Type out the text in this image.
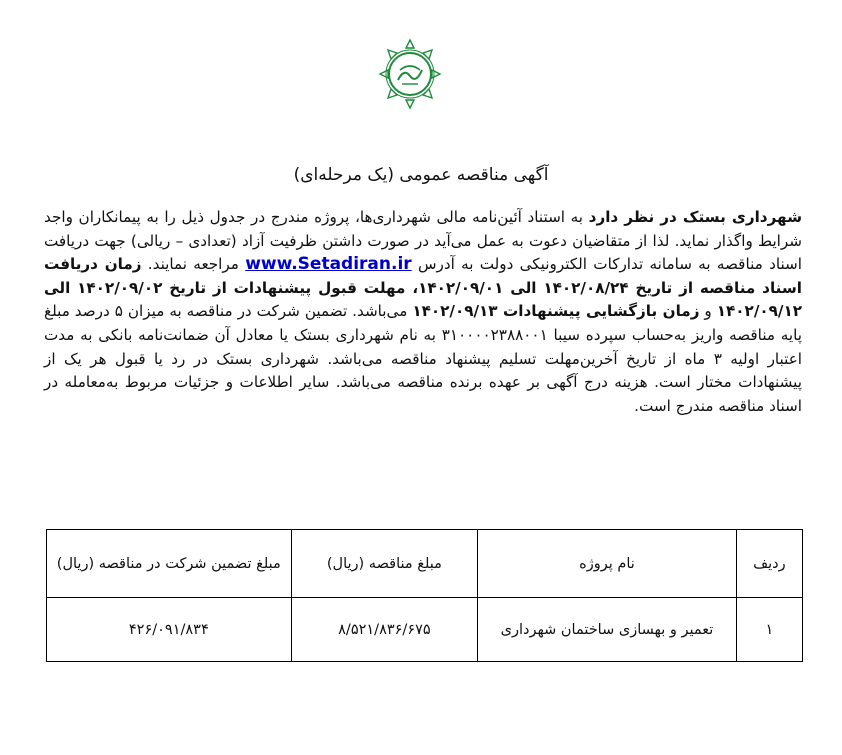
آگهی مناقصه عمومی (یک مرحله‌ای)
شهرداری بستک در نظر دارد به استناد آئین‌نامه مالی شهرداری‌ها، پروژه مندرج در جدول ذیل را به پیمانکاران واجد شرایط واگذار نماید. لذا از متقاضیان دعوت به عمل می‌آید در صورت داشتن ظرفیت آزاد (تعدادی – ریالی) جهت دریافت اسناد مناقصه به سامانه تدارکات الکترونیکی دولت به آدرس www.Setadiran.ir مراجعه نمایند. زمان دریافت اسناد مناقصه از تاریخ ۱۴۰۲/۰۸/۲۴ الی ۱۴۰۲/۰۹/۰۱، مهلت قبول پیشنهادات از تاریخ ۱۴۰۲/۰۹/۰۲ الی ۱۴۰۲/۰۹/۱۲ و زمان بازگشایی پیشنهادات ۱۴۰۲/۰۹/۱۳ می‌باشد. تضمین شرکت در مناقصه به میزان ۵ درصد مبلغ پایه مناقصه واریز به‌حساب سپرده سیبا ۳۱۰۰۰۰۲۳۸۸۰۰۱ به نام شهرداری بستک یا معادل آن ضمانت‌نامه بانکی به مدت اعتبار اولیه ۳ ماه از تاریخ آخرین‌مهلت تسلیم پیشنهاد مناقصه می‌باشد. شهرداری بستک در رد یا قبول هر یک از پیشنهادات مختار است. هزینه درج آگهی بر عهده برنده مناقصه می‌باشد. سایر اطلاعات و جزئیات مربوط به‌معامله در اسناد مناقصه مندرج است.
ردیف	نام پروژه	مبلغ مناقصه (ریال)	مبلغ تضمین شرکت در مناقصه (ریال)
۱	تعمیر و بهسازی ساختمان شهرداری	۸/۵۲۱/۸۳۶/۶۷۵	۴۲۶/۰۹۱/۸۳۴
